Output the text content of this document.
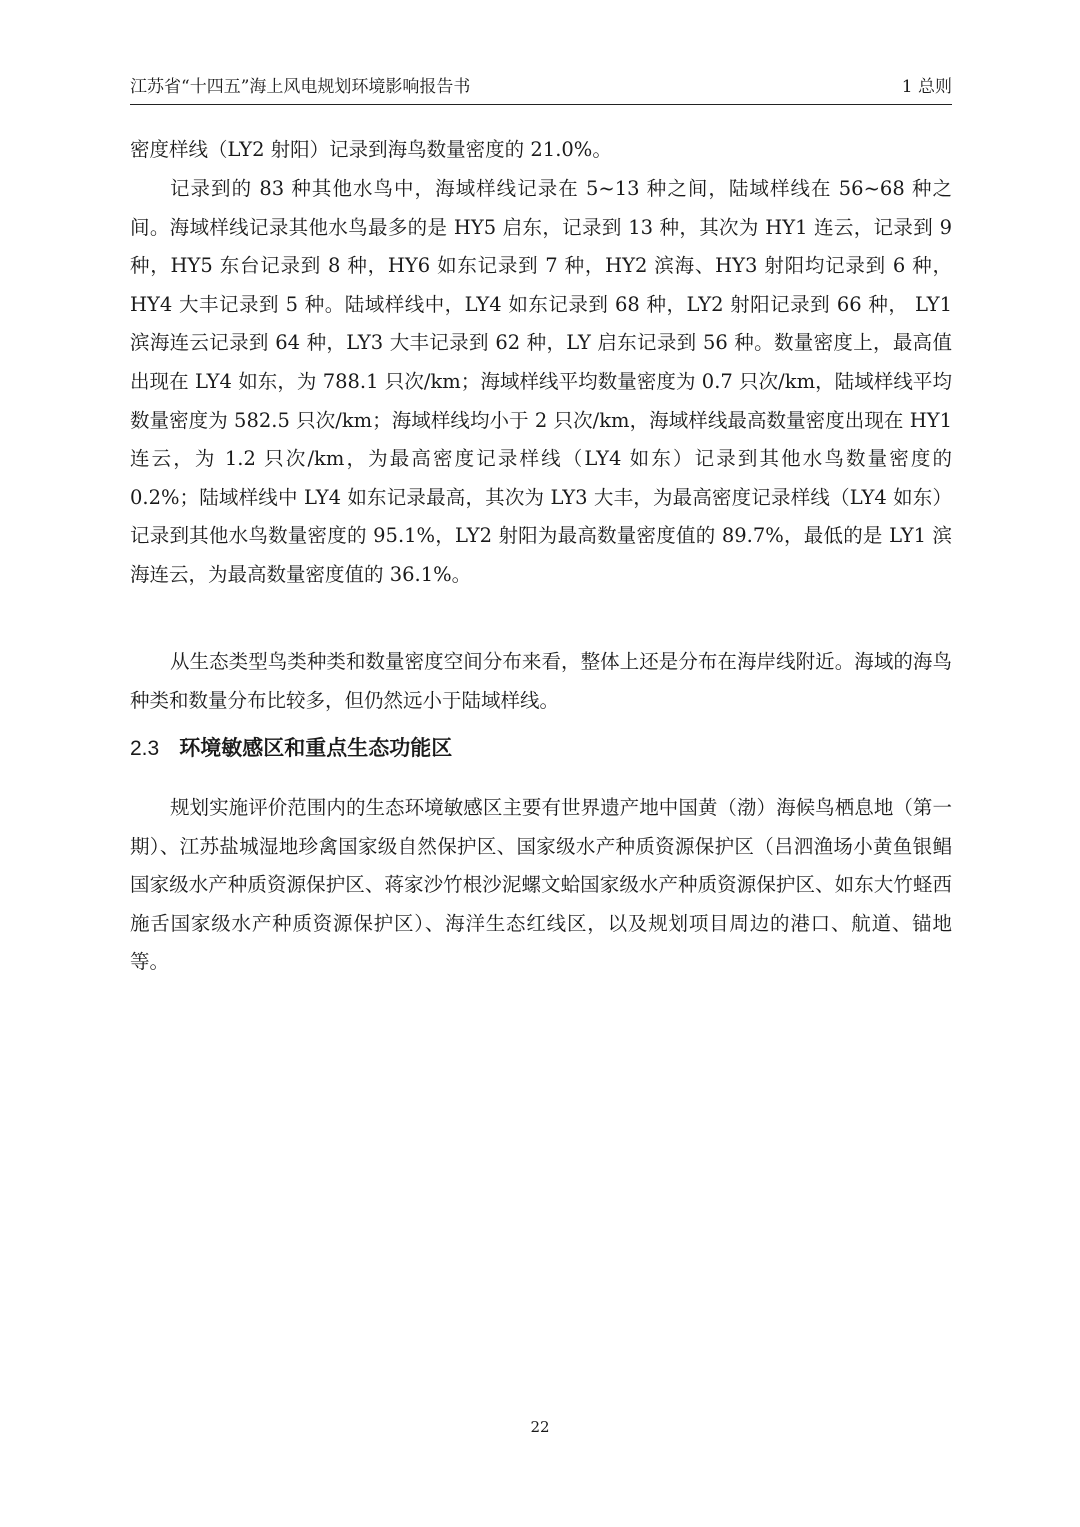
江苏省“十四五”海上风电规划环境影响报告书	1 总则

密度样线（LY2 射阳）记录到海鸟数量密度的 21.0%。

记录到的 83 种其他水鸟中，海域样线记录在 5~13 种之间，陆域样线在 56~68 种之间。海域样线记录其他水鸟最多的是 HY5 启东，记录到 13 种，其次为 HY1 连云，记录到 9 种，HY5 东台记录到 8 种，HY6 如东记录到 7 种，HY2 滨海、HY3 射阳均记录到 6 种，HY4 大丰记录到 5 种。陆域样线中，LY4 如东记录到 68 种，LY2 射阳记录到 66 种， LY1 滨海连云记录到 64 种，LY3 大丰记录到 62 种，LY 启东记录到 56 种。数量密度上，最高值出现在 LY4 如东，为 788.1 只次/km；海域样线平均数量密度为 0.7 只次/km，陆域样线平均数量密度为 582.5 只次/km；海域样线均小于 2 只次/km，海域样线最高数量密度出现在 HY1 连云，为 1.2 只次/km，为最高密度记录样线（LY4 如东）记录到其他水鸟数量密度的 0.2%；陆域样线中 LY4 如东记录最高，其次为 LY3 大丰，为最高密度记录样线（LY4 如东）记录到其他水鸟数量密度的 95.1%，LY2 射阳为最高数量密度值的 89.7%，最低的是 LY1 滨海连云，为最高数量密度值的 36.1%。

从生态类型鸟类种类和数量密度空间分布来看，整体上还是分布在海岸线附近。海域的海鸟种类和数量分布比较多，但仍然远小于陆域样线。

2.3 环境敏感区和重点生态功能区

规划实施评价范围内的生态环境敏感区主要有世界遗产地中国黄（渤）海候鸟栖息地（第一期）、江苏盐城湿地珍禽国家级自然保护区、国家级水产种质资源保护区（吕泗渔场小黄鱼银鲳国家级水产种质资源保护区、蒋家沙竹根沙泥螺文蛤国家级水产种质资源保护区、如东大竹蛏西施舌国家级水产种质资源保护区）、海洋生态红线区，以及规划项目周边的港口、航道、锚地等。

22
